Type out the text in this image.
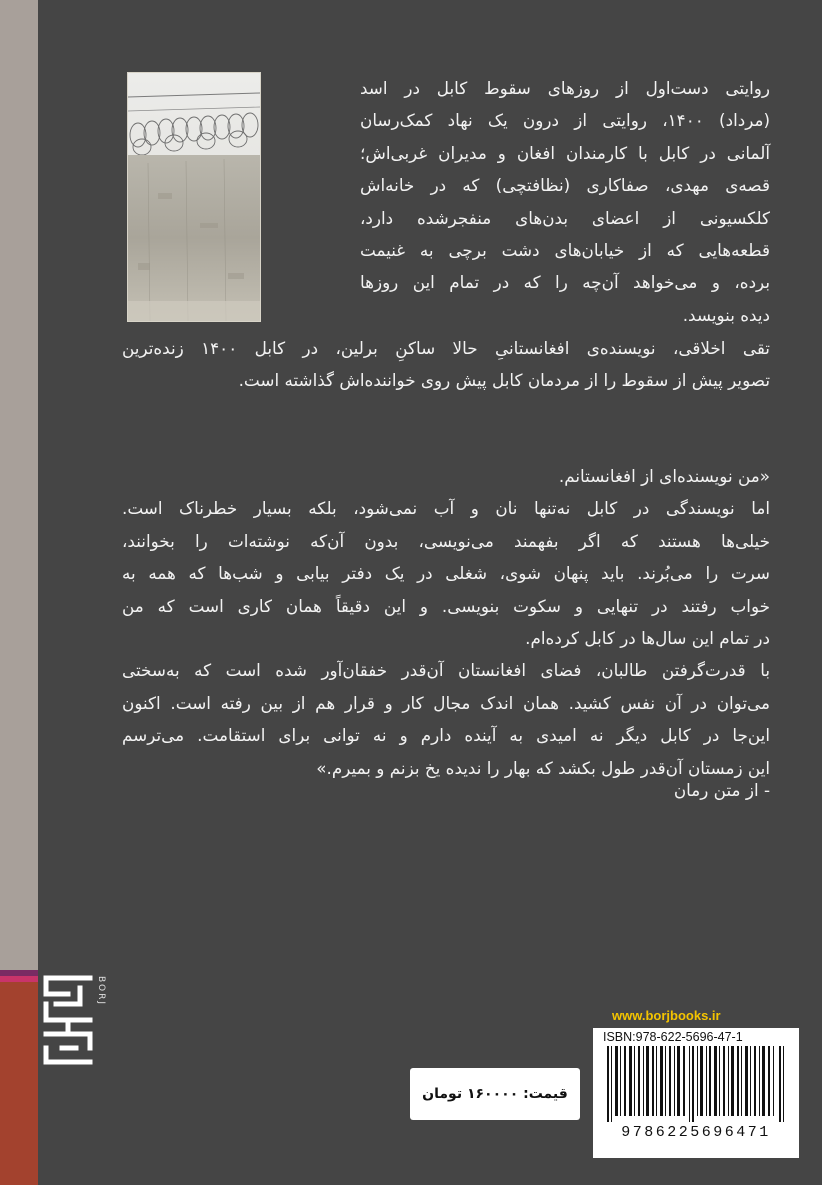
روایتی دست‌اول از روزهای سقوط کابل در اسد
(مرداد) ۱۴۰۰، روایتی از درون یک نهاد کمک‌رسان
آلمانی در کابل با کارمندان افغان و مدیران غربی‌اش؛
قصه‌ی مهدی، صفاکاری (نظافتچی) که در خانه‌اش
کلکسیونی از اعضای بدن‌های منفجرشده دارد،
قطعه‌هایی که از خیابان‌های دشت برچی به غنیمت
برده، و می‌خواهد آن‌چه را که در تمام این روزها
دیده بنویسد.
تقی اخلاقی، نویسنده‌ی افغانستانیِ حالا ساکنِ برلین، در کابل ۱۴۰۰ زنده‌ترین
تصویر پیش از سقوط را از مردمان کابل پیش روی خواننده‌اش گذاشته است.
«من نویسنده‌ای از افغانستانم.
اما نویسندگی در کابل نه‌تنها نان و آب نمی‌شود، بلکه بسیار خطرناک است.
خیلی‌ها هستند که اگر بفهمند می‌نویسی، بدون آن‌که نوشته‌ات را بخوانند،
سرت را می‌بُرند. باید پنهان شوی، شغلی در یک دفتر بیابی و شب‌ها که همه به
خواب رفتند در تنهایی و سکوت بنویسی. و این دقیقاً همان کاری است که من
در تمام این سال‌ها در کابل کرده‌ام.
با قدرت‌گرفتن طالبان، فضای افغانستان آن‌قدر خفقان‌آور شده است که به‌سختی
می‌توان در آن نفس کشید. همان اندک مجال کار و قرار هم از بین رفته است. اکنون
این‌جا در کابل دیگر نه امیدی به آینده دارم و نه توانی برای استقامت. می‌ترسم
این زمستان آن‌قدر طول بکشد که بهار را ندیده یخ بزنم و بمیرم.»
- از متن رمان
BORJ
www.borjbooks.ir
ISBN:978-622-5696-47-1
9786225696471
قیمت: ۱۶۰۰۰۰ تومان
